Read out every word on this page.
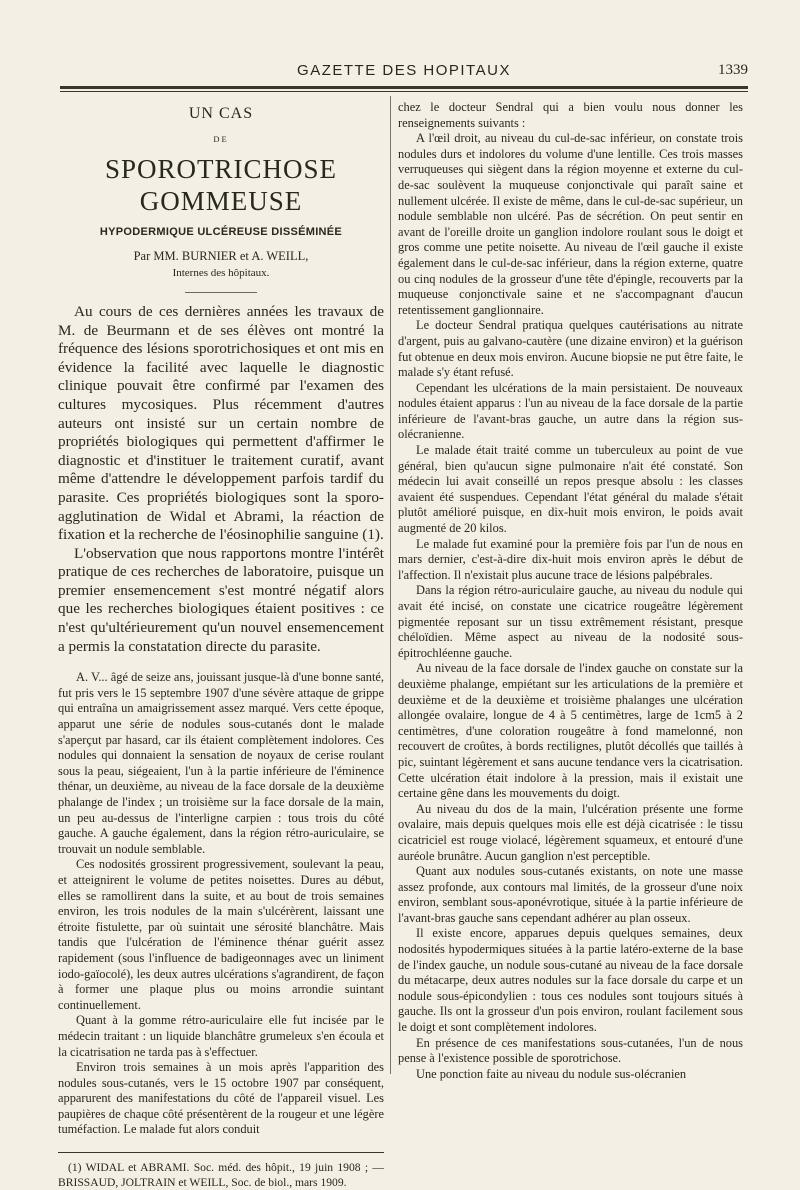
GAZETTE DES HOPITAUX	1339
UN CAS
DE
SPOROTRICHOSE GOMMEUSE
HYPODERMIQUE ULCÉREUSE DISSÉMINÉE
Par MM. BURNIER et A. WEILL,
Internes des hôpitaux.

Au cours de ces dernières années les travaux de M. de Beurmann et de ses élèves ont montré la fréquence des lésions sporotrichosiques et ont mis en évidence la facilité avec laquelle le diagnostic clinique pouvait être confirmé par l'examen des cultures mycosiques. Plus récemment d'autres auteurs ont insisté sur un certain nombre de propriétés biologiques qui permettent d'affirmer le diagnostic et d'instituer le traitement curatif, avant même d'attendre le développement parfois tardif du parasite. Ces propriétés biologiques sont la sporo-agglutination de Widal et Abrami, la réaction de fixation et la recherche de l'éosinophilie sanguine (1).

L'observation que nous rapportons montre l'intérêt pratique de ces recherches de laboratoire, puisque un premier ensemencement s'est montré négatif alors que les recherches biologiques étaient positives : ce n'est qu'ultérieurement qu'un nouvel ensemencement a permis la constatation directe du parasite.

A. V... âgé de seize ans, jouissant jusque-là d'une bonne santé, fut pris vers le 15 septembre 1907 d'une sévère attaque de grippe qui entraîna un amaigrissement assez marqué. Vers cette époque, apparut une série de nodules sous-cutanés dont le malade s'aperçut par hasard, car ils étaient complètement indolores. Ces nodules qui donnaient la sensation de noyaux de cerise roulant sous la peau, siégeaient, l'un à la partie inférieure de l'éminence thénar, un deuxième, au niveau de la face dorsale de la deuxième phalange de l'index ; un troisième sur la face dorsale de la main, un peu au-dessus de l'interligne carpien : tous trois du côté gauche. A gauche également, dans la région rétro-auriculaire, se trouvait un nodule semblable.

Ces nodosités grossirent progressivement, soulevant la peau, et atteignirent le volume de petites noisettes. Dures au début, elles se ramollirent dans la suite, et au bout de trois semaines environ, les trois nodules de la main s'ulcérèrent, laissant une étroite fistulette, par où suintait une sérosité blanchâtre. Mais tandis que l'ulcération de l'éminence thénar guérit assez rapidement (sous l'influence de badigeonnages avec un liniment iodo-gaïocolé), les deux autres ulcérations s'agrandirent, de façon à former une plaque plus ou moins arrondie suintant continuellement.

Quant à la gomme rétro-auriculaire elle fut incisée par le médecin traitant : un liquide blanchâtre grumeleux s'en écoula et la cicatrisation ne tarda pas à s'effectuer.

Environ trois semaines à un mois après l'apparition des nodules sous-cutanés, vers le 15 octobre 1907 par conséquent, apparurent des manifestations du côté de l'appareil visuel. Les paupières de chaque côté présentèrent de la rougeur et une légère tuméfaction. Le malade fut alors conduit

(1) WIDAL et ABRAMI. Soc. méd. des hôpit., 19 juin 1908 ; — BRISSAUD, JOLTRAIN et WEILL, Soc. de biol., mars 1909.

chez le docteur Sendral qui a bien voulu nous donner les renseignements suivants :

A l'œil droit, au niveau du cul-de-sac inférieur, on constate trois nodules durs et indolores du volume d'une lentille. Ces trois masses verruqueuses qui siègent dans la région moyenne et externe du cul-de-sac soulèvent la muqueuse conjonctivale qui paraît saine et nullement ulcérée. Il existe de même, dans le cul-de-sac supérieur, un nodule semblable non ulcéré. Pas de sécrétion. On peut sentir en avant de l'oreille droite un ganglion indolore roulant sous le doigt et gros comme une petite noisette. Au niveau de l'œil gauche il existe également dans le cul-de-sac inférieur, dans la région externe, quatre ou cinq nodules de la grosseur d'une tête d'épingle, recouverts par la muqueuse conjonctivale saine et ne s'accompagnant d'aucun retentissement ganglionnaire.

Le docteur Sendral pratiqua quelques cautérisations au nitrate d'argent, puis au galvano-cautère (une dizaine environ) et la guérison fut obtenue en deux mois environ. Aucune biopsie ne put être faite, le malade s'y étant refusé.

Cependant les ulcérations de la main persistaient. De nouveaux nodules étaient apparus : l'un au niveau de la face dorsale de la partie inférieure de l'avant-bras gauche, un autre dans la région sus-olécranienne.

Le malade était traité comme un tuberculeux au point de vue général, bien qu'aucun signe pulmonaire n'ait été constaté. Son médecin lui avait conseillé un repos presque absolu : les classes avaient été suspendues. Cependant l'état général du malade s'était plutôt amélioré puisque, en dix-huit mois environ, le poids avait augmenté de 20 kilos.

Le malade fut examiné pour la première fois par l'un de nous en mars dernier, c'est-à-dire dix-huit mois environ après le début de l'affection. Il n'existait plus aucune trace de lésions palpébrales.

Dans la région rétro-auriculaire gauche, au niveau du nodule qui avait été incisé, on constate une cicatrice rougeâtre légèrement pigmentée reposant sur un tissu extrêmement résistant, presque chéloïdien. Même aspect au niveau de la nodosité sous-épitrochléenne gauche.

Au niveau de la face dorsale de l'index gauche on constate sur la deuxième phalange, empiétant sur les articulations de la première et deuxième et de la deuxième et troisième phalanges une ulcération allongée ovalaire, longue de 4 à 5 centimètres, large de 1cm5 à 2 centimètres, d'une coloration rougeâtre à fond mamelonné, non recouvert de croûtes, à bords rectilignes, plutôt décollés que taillés à pic, suintant légèrement et sans aucune tendance vers la cicatrisation. Cette ulcération était indolore à la pression, mais il existait une certaine gêne dans les mouvements du doigt.

Au niveau du dos de la main, l'ulcération présente une forme ovalaire, mais depuis quelques mois elle est déjà cicatrisée : le tissu cicatriciel est rouge violacé, légèrement squameux, et entouré d'une auréole brunâtre. Aucun ganglion n'est perceptible.

Quant aux nodules sous-cutanés existants, on note une masse assez profonde, aux contours mal limités, de la grosseur d'une noix environ, semblant sous-aponévrotique, située à la partie inférieure de l'avant-bras gauche sans cependant adhérer au plan osseux.

Il existe encore, apparues depuis quelques semaines, deux nodosités hypodermiques situées à la partie latéro-externe de la base de l'index gauche, un nodule sous-cutané au niveau de la face dorsale du métacarpe, deux autres nodules sur la face dorsale du carpe et un nodule sous-épicondylien : tous ces nodules sont toujours situés à gauche. Ils ont la grosseur d'un pois environ, roulant facilement sous le doigt et sont complètement indolores.

En présence de ces manifestations sous-cutanées, l'un de nous pense à l'existence possible de sporotrichose.

Une ponction faite au niveau du nodule sus-olécranien
